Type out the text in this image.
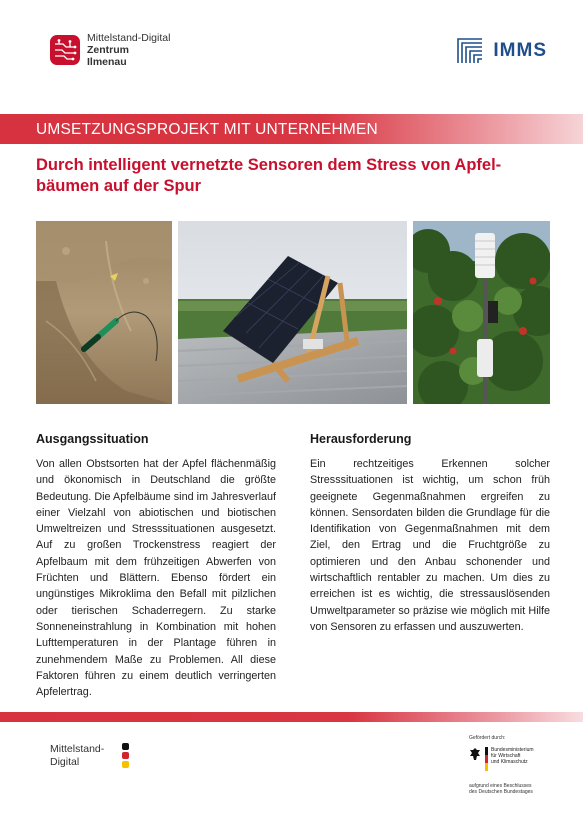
Mittelstand-Digital
Zentrum
Ilmenau
IMMS
UMSETZUNGSPROJEKT MIT UNTERNEHMEN
Durch intelligent vernetzte Sensoren dem Stress von Apfel-bäumen auf der Spur
Ausgangssituation

Von allen Obstsorten hat der Apfel flächenmäßig und ökonomisch in Deutschland die größte Bedeutung. Die Apfelbäume sind im Jahresverlauf einer Vielzahl von abiotischen und biotischen Umweltreizen und Stresssituationen ausgesetzt. Auf zu großen Trockenstress reagiert der Apfelbaum mit dem frühzeitigen Abwerfen von Früchten und Blättern. Ebenso fördert ein ungünstiges Mikroklima den Befall mit pilzlichen oder tierischen Schaderregern. Zu starke Sonneneinstrahlung in Kombination mit hohen Lufttemperaturen in der Plantage führen in zunehmendem Maße zu Problemen. All diese Faktoren führen zu einem deutlich verringerten Apfelertrag.

Herausforderung

Ein rechtzeitiges Erkennen solcher Stresssituationen ist wichtig, um schon früh geeignete Gegenmaßnahmen ergreifen zu können. Sensordaten bilden die Grundlage für die Identifikation von Gegenmaßnahmen mit dem Ziel, den Ertrag und die Fruchtgröße zu optimieren und den Anbau schonender und wirtschaftlich rentabler zu machen. Um dies zu erreichen ist es wichtig, die stressauslösenden Umweltparameter so präzise wie möglich mit Hilfe von Sensoren zu erfassen und auszuwerten.

Mittelstand-
Digital
Gefördert durch:
Bundesministerium
für Wirtschaft
und Klimaschutz
aufgrund eines Beschlusses
des Deutschen Bundestages
